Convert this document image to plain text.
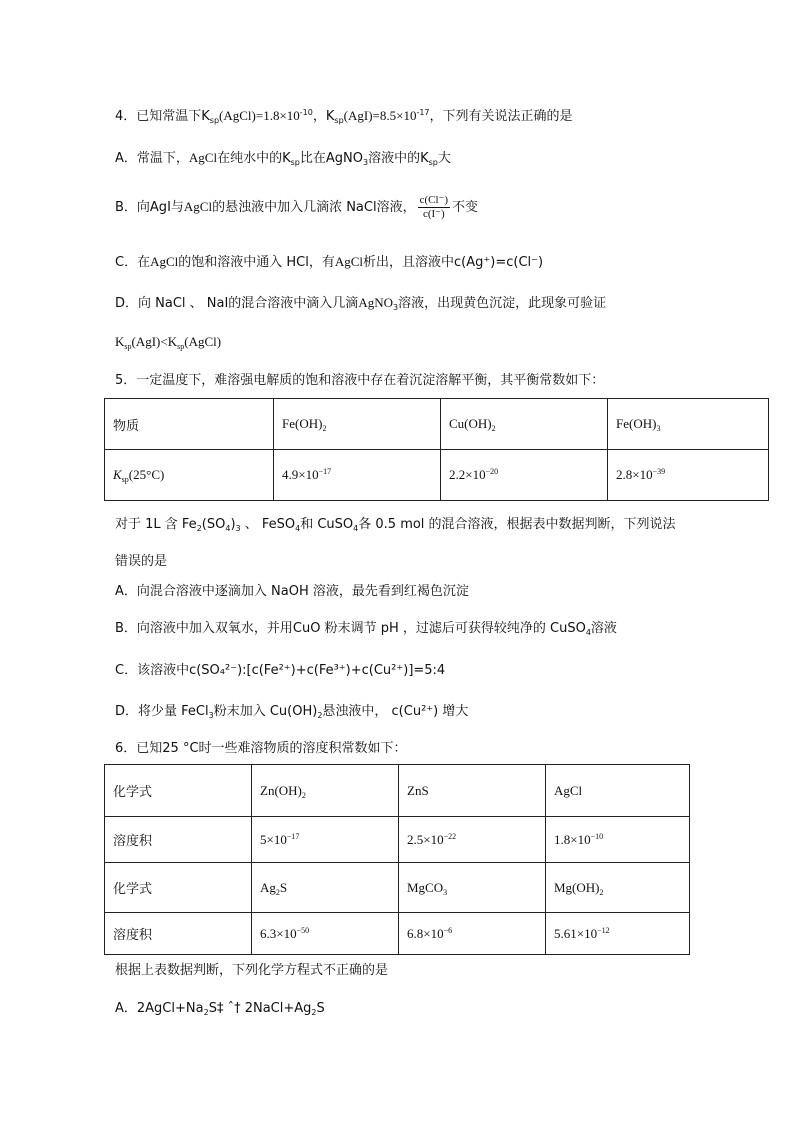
4．已知常温下$K_{sp}(AgCl)=1.8\times 10^{-10}$，$K_{sp}(AgI)=8.5\times 10^{-17}$，下列有关说法正确的是
A．常温下，AgCl在纯水中的$K_{sp}$比在AgNO$_3$溶液中的$K_{sp}$大
B．向AgI与AgCl的悬浊液中加入几滴浓 NaCl溶液， $\frac{c(Cl^-)}{c(I^-)}$ 不变
C．在AgCl的饱和溶液中通入 HCl，有AgCl析出，且溶液中c(Ag⁺)=c(Cl⁻)
D．向 NaCl 、 NaI的混合溶液中滴入几滴AgNO$_3$溶液，出现黄色沉淀，此现象可验证
$K_{sp}(AgI)<K_{sp}(AgCl)$
5．一定温度下，难溶强电解质的饱和溶液中存在着沉淀溶解平衡，其平衡常数如下：
物质	$Fe(OH)_2$	$Cu(OH)_2$	$Fe(OH)_3$
$K_{sp}(25^\circ C)$	$4.9\times 10^{-17}$	$2.2\times 10^{-20}$	$2.8\times 10^{-39}$
对于 1L 含 $Fe_2(SO_4)_3$ 、 FeSO$_4$和 CuSO$_4$各 0.5 mol 的混合溶液，根据表中数据判断，下列说法
错误的是
A．向混合溶液中逐滴加入 NaOH 溶液，最先看到红褐色沉淀
B．向溶液中加入双氧水，并用CuO 粉末调节 pH ，过滤后可获得较纯净的 CuSO$_4$溶液
C．该溶液中c(SO₄²⁻):[c(Fe²⁺)+c(Fe³⁺)+c(Cu²⁺)]=5:4
D．将少量 FeCl$_3$粉末加入 $Cu(OH)_2$悬浊液中， c(Cu²⁺) 增大
6．已知25 °C时一些难溶物质的溶度积常数如下：
化学式	$Zn(OH)_2$	ZnS	AgCl
溶度积	$5\times 10^{-17}$	$2.5\times 10^{-22}$	$1.8\times 10^{-10}$
化学式	$Ag_2S$	MgCO$_3$	$Mg(OH)_2$
溶度积	$6.3\times 10^{-50}$	$6.8\times 10^{-6}$	$5.61\times 10^{-12}$
根据上表数据判断，下列化学方程式不正确的是
A．$2AgCl+Na_2S\ddagger$ ˆ† $2NaCl+Ag_2S$
